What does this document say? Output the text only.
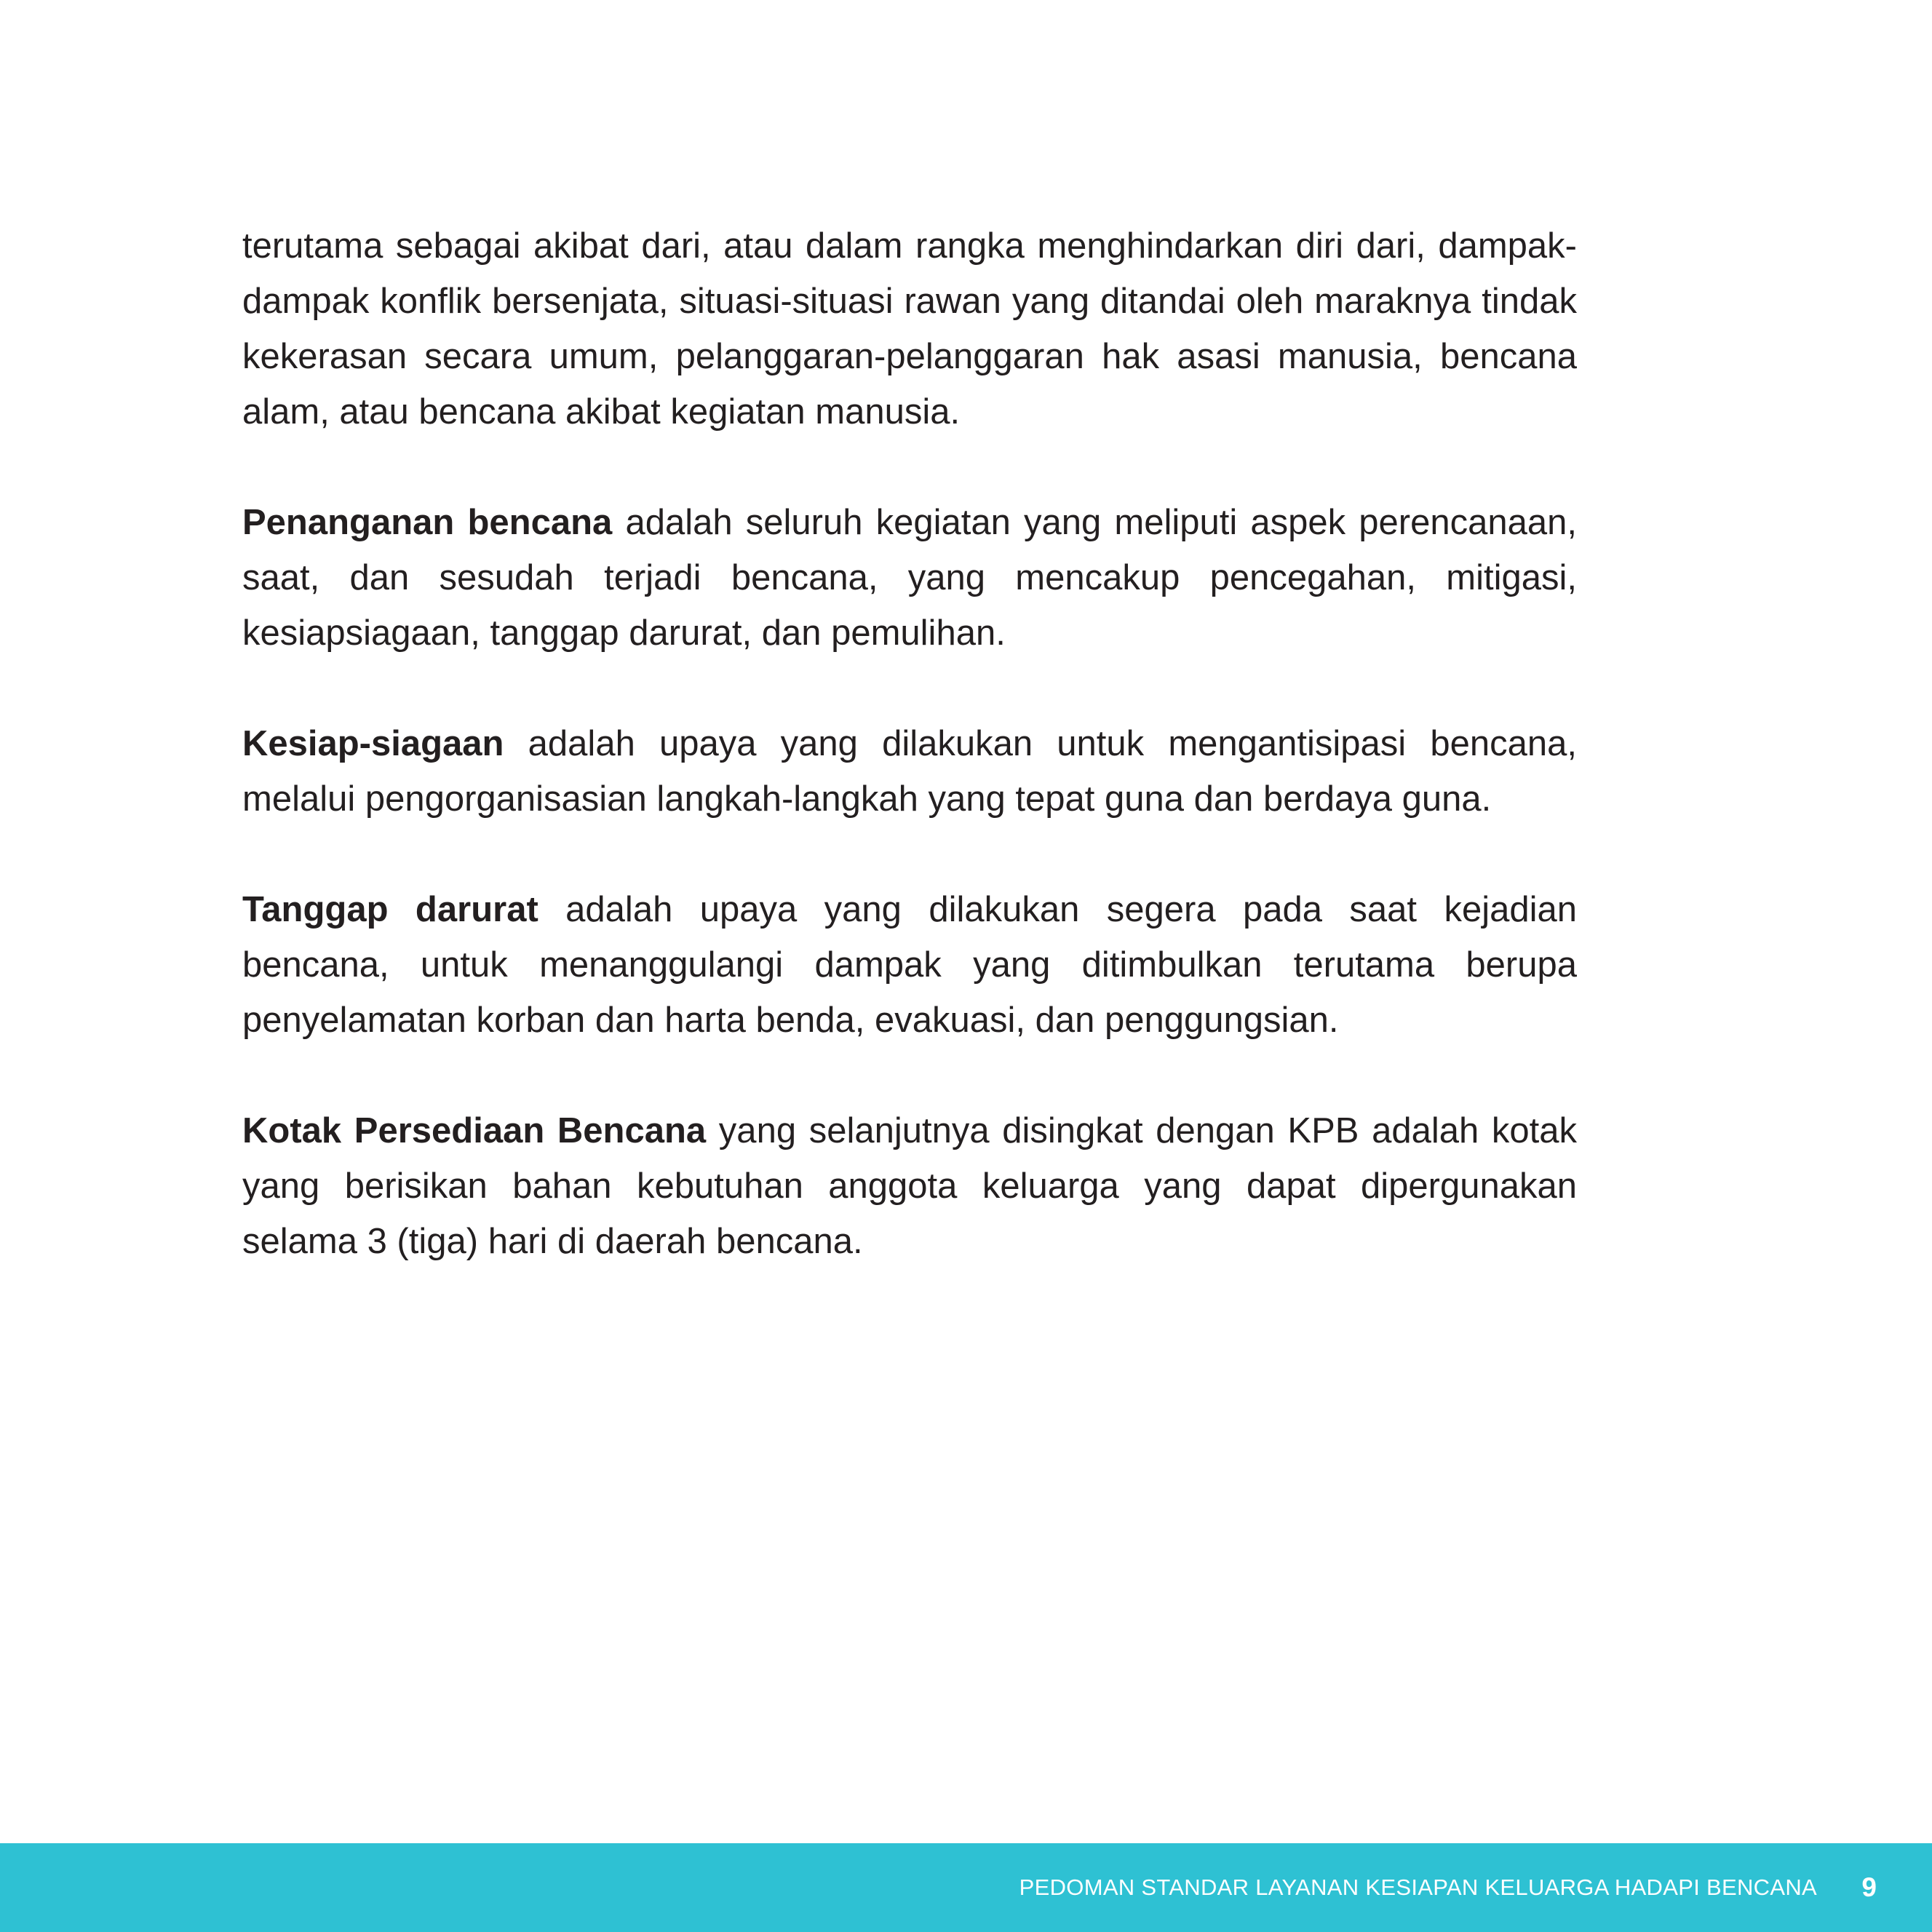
terutama sebagai akibat dari, atau dalam rangka menghindarkan diri dari, dampak-dampak konflik bersenjata, situasi-situasi rawan yang ditandai oleh maraknya tindak kekerasan secara umum, pelanggaran-pelanggaran hak asasi manusia, bencana alam, atau bencana akibat kegiatan manusia.

Penanganan bencana adalah seluruh kegiatan yang meliputi aspek perencanaan, saat, dan sesudah terjadi bencana, yang mencakup pencegahan, mitigasi, kesiapsiagaan, tanggap darurat, dan pemulihan.

Kesiap-siagaan adalah upaya yang dilakukan untuk mengantisipasi bencana, melalui pengorganisasian langkah-langkah yang tepat guna dan berdaya guna.

Tanggap darurat adalah upaya yang dilakukan segera pada saat kejadian bencana, untuk menanggulangi dampak yang ditimbulkan terutama berupa penyelamatan korban dan harta benda, evakuasi, dan penggungsian.

Kotak Persediaan Bencana yang selanjutnya disingkat dengan KPB adalah kotak yang berisikan bahan kebutuhan anggota keluarga yang dapat dipergunakan selama 3 (tiga) hari di daerah bencana.

PEDOMAN STANDAR LAYANAN KESIAPAN KELUARGA HADAPI BENCANA 9
